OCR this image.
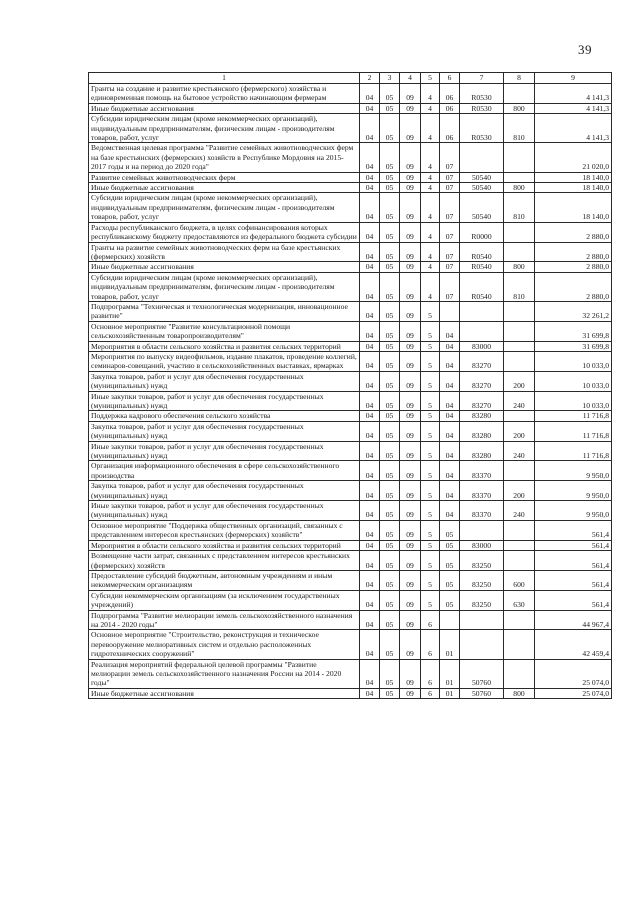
39
1	2	3	4	5	6	7	8	9
Гранты на создание и развитие крестьянского (фермерского) хозяйства и единовременная помощь на бытовое устройство начинающим фермерам	04	05	09	4	06	R0530		4 141,3
Иные бюджетные ассигнования	04	05	09	4	06	R0530	800	4 141,3
Субсидии юридическим лицам (кроме некоммерческих организаций), индивидуальным предпринимателям, физическим лицам - производителям товаров, работ, услуг	04	05	09	4	06	R0530	810	4 141,3
Ведомственная целевая программа "Развитие семейных животноводческих ферм на базе крестьянских (фермерских) хозяйств в Республике Мордовия на 2015-2017 годы и на период до 2020 года"	04	05	09	4	07			21 020,0
Развитие семейных животноводческих ферм	04	05	09	4	07	50540		18 140,0
Иные бюджетные ассигнования	04	05	09	4	07	50540	800	18 140,0
Субсидии юридическим лицам (кроме некоммерческих организаций), индивидуальным предпринимателям, физическим лицам - производителям товаров, работ, услуг	04	05	09	4	07	50540	810	18 140,0
Расходы республиканского бюджета, в целях софинансирования которых республиканскому бюджету предоставляются из федерального бюджета субсидии	04	05	09	4	07	R0000		2 880,0
Гранты на развитие семейных животноводческих ферм на базе крестьянских (фермерских) хозяйств	04	05	09	4	07	R0540		2 880,0
Иные бюджетные ассигнования	04	05	09	4	07	R0540	800	2 880,0
Субсидии юридическим лицам (кроме некоммерческих организаций), индивидуальным предпринимателям, физическим лицам - производителям товаров, работ, услуг	04	05	09	4	07	R0540	810	2 880,0
Подпрограмма "Техническая и технологическая модернизация, инновационное развитие"	04	05	09	5				32 261,2
Основное мероприятие "Развитие консультационной помощи сельскохозяйственным товаропроизводителям"	04	05	09	5	04			31 699,8
Мероприятия в области сельского хозяйства и развития сельских территорий	04	05	09	5	04	83000		31 699,8
Мероприятия по выпуску видеофильмов, издание плакатов, проведение коллегий, семинаров-совещаний, участию в сельскохозяйственных выставках, ярмарках	04	05	09	5	04	83270		10 033,0
Закупка товаров, работ и услуг для обеспечения государственных (муниципальных) нужд	04	05	09	5	04	83270	200	10 033,0
Иные закупки товаров, работ и услуг для обеспечения государственных (муниципальных) нужд	04	05	09	5	04	83270	240	10 033,0
Поддержка кадрового обеспечения сельского хозяйства	04	05	09	5	04	83280		11 716,8
Закупка товаров, работ и услуг для обеспечения государственных (муниципальных) нужд	04	05	09	5	04	83280	200	11 716,8
Иные закупки товаров, работ и услуг для обеспечения государственных (муниципальных) нужд	04	05	09	5	04	83280	240	11 716,8
Организация информационного обеспечения в сфере сельскохозяйственного производства	04	05	09	5	04	83370		9 950,0
Закупка товаров, работ и услуг для обеспечения государственных (муниципальных) нужд	04	05	09	5	04	83370	200	9 950,0
Иные закупки товаров, работ и услуг для обеспечения государственных (муниципальных) нужд	04	05	09	5	04	83370	240	9 950,0
Основное мероприятие "Поддержка общественных организаций, связанных с представлением интересов крестьянских (фермерских) хозяйств"	04	05	09	5	05			561,4
Мероприятия в области сельского хозяйства и развития сельских территорий	04	05	09	5	05	83000		561,4
Возмещение части затрат, связанных с представлением интересов крестьянских (фермерских) хозяйств	04	05	09	5	05	83250		561,4
Предоставление субсидий бюджетным, автономным учреждениям и иным некоммерческим организациям	04	05	09	5	05	83250	600	561,4
Субсидии некоммерческим организациям (за исключением государственных учреждений)	04	05	09	5	05	83250	630	561,4
Подпрограмма "Развитие мелиорации земель сельскохозяйственного назначения на 2014 - 2020 годы"	04	05	09	6				44 967,4
Основное мероприятие "Строительство, реконструкция и техническое перевооружение мелиоративных систем и отдельно расположенных гидротехнических сооружений"	04	05	09	6	01			42 459,4
Реализация мероприятий федеральной целевой программы "Развитие мелиорации земель сельскохозяйственного назначения России на 2014 - 2020 годы"	04	05	09	6	01	50760		25 074,0
Иные бюджетные ассигнования	04	05	09	6	01	50760	800	25 074,0
